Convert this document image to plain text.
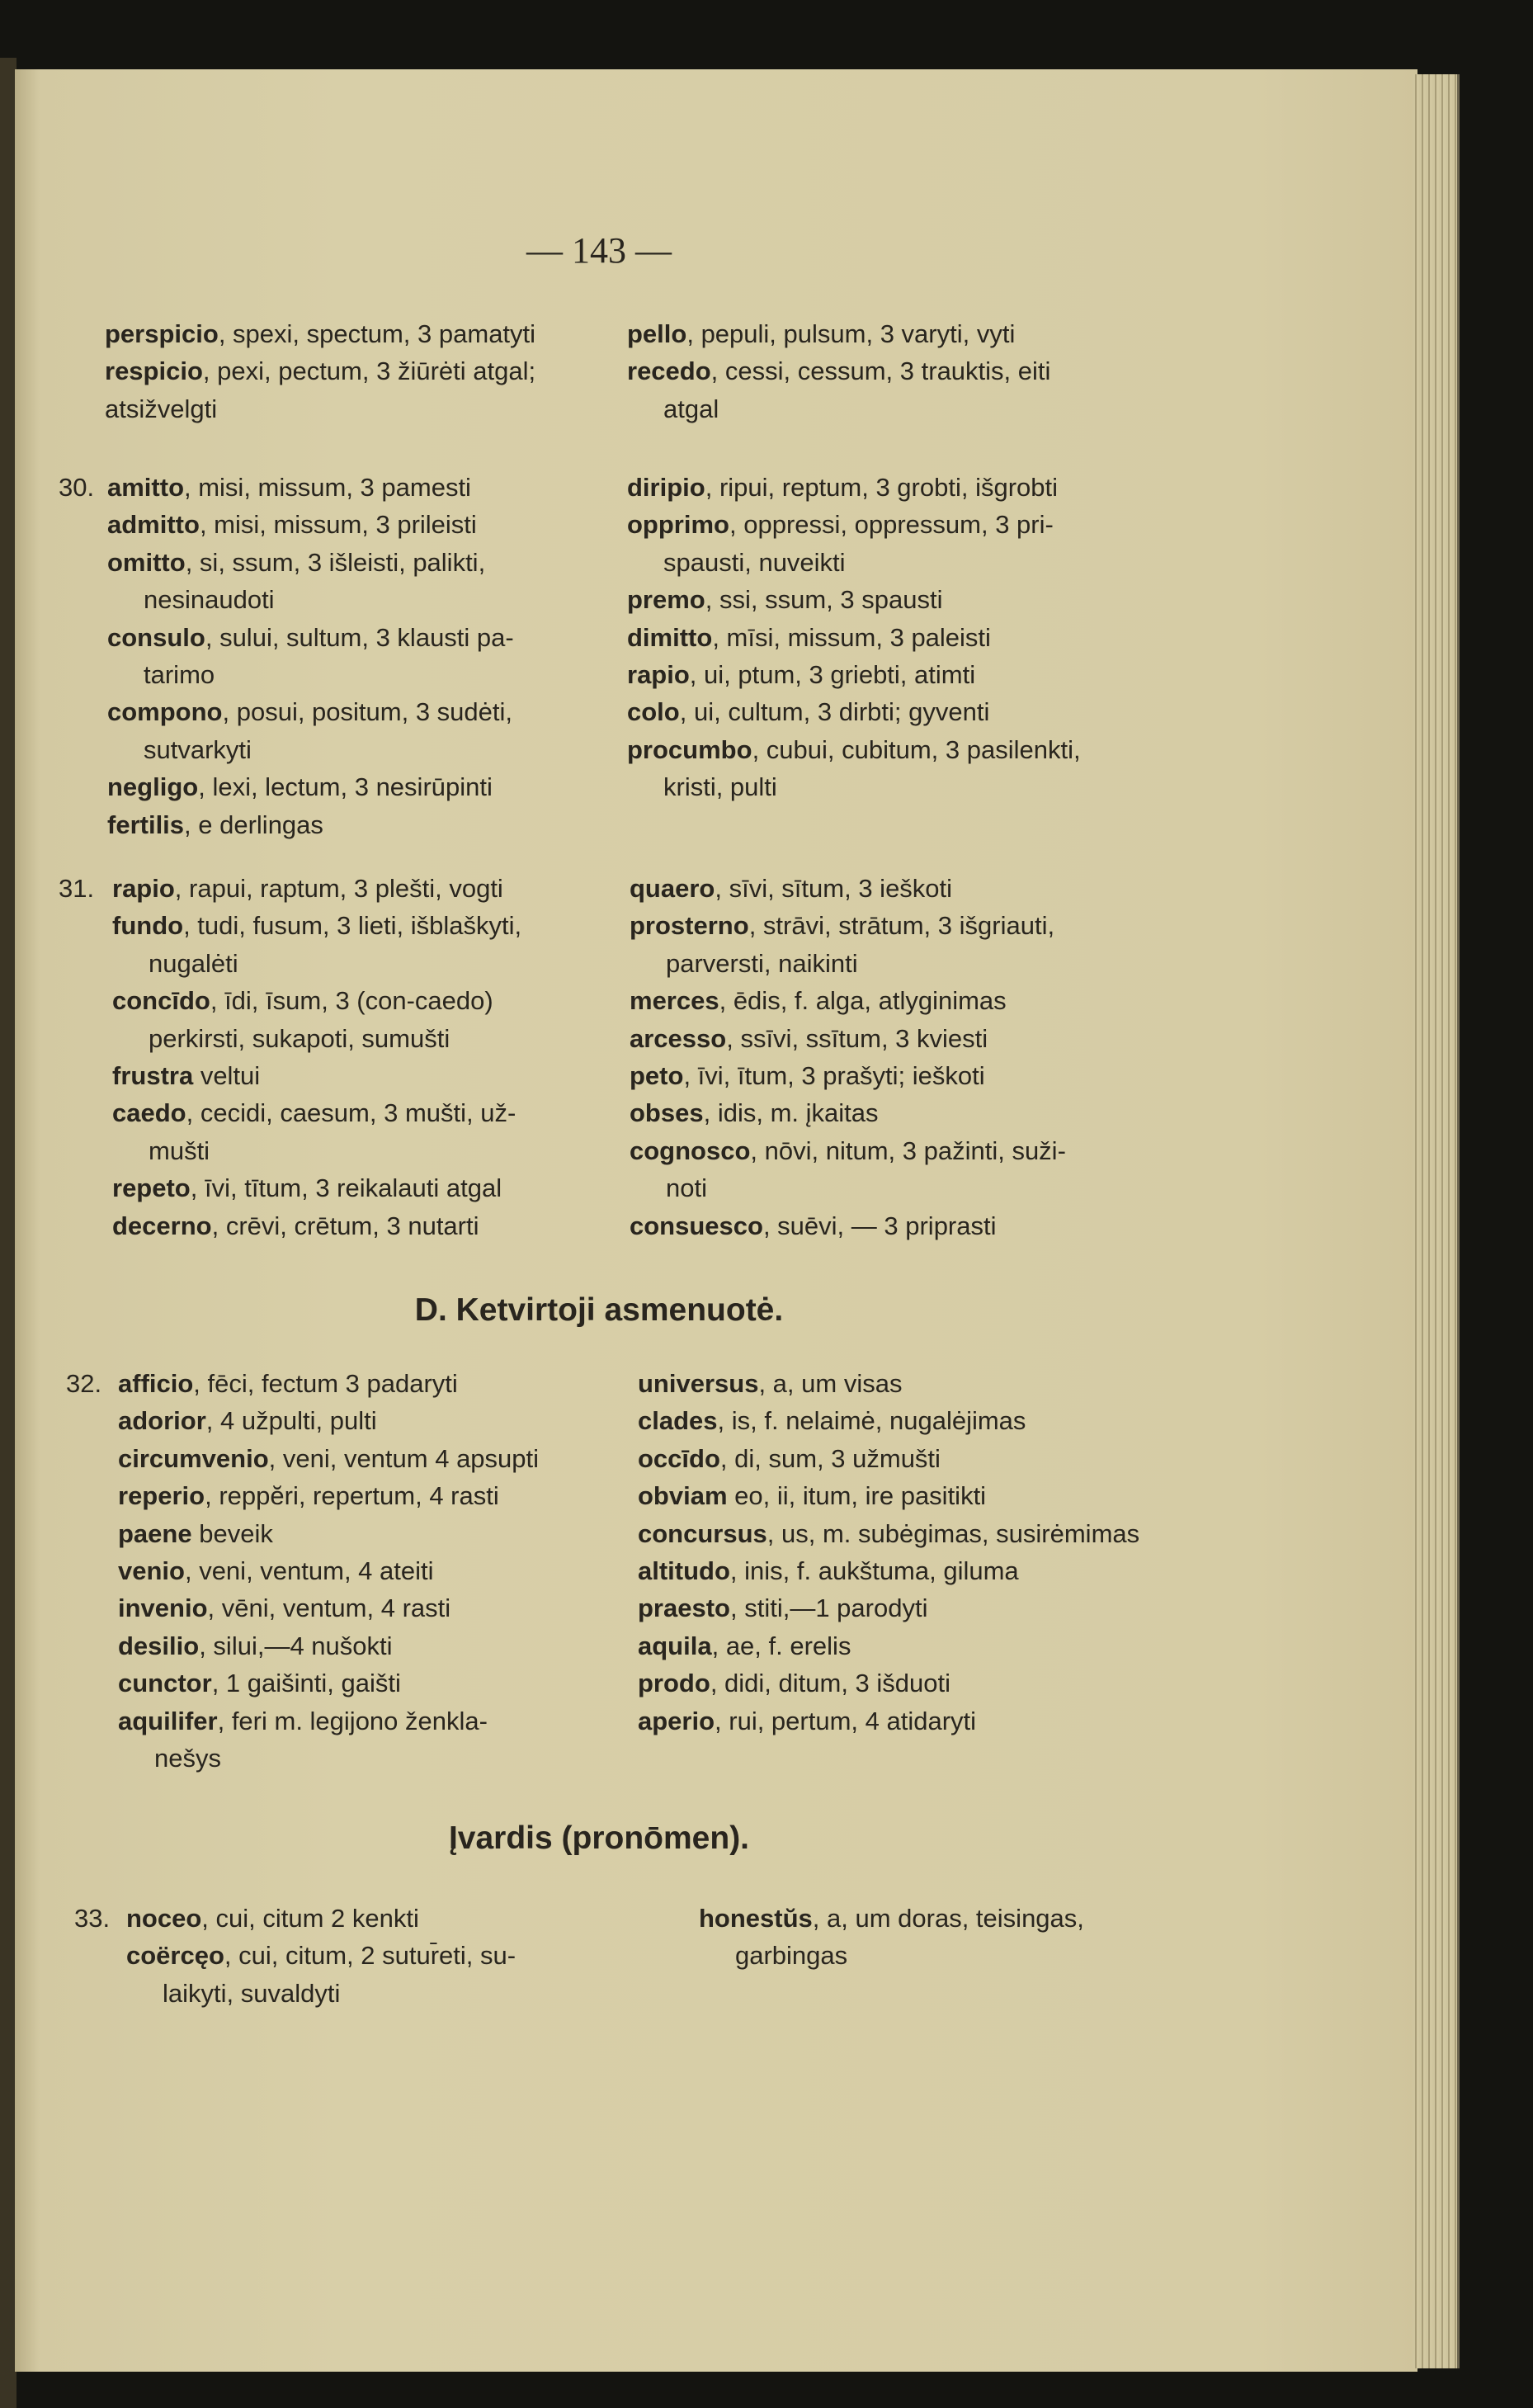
— 143 —
D. Ketvirtoji asmenuotė.
Įvardis (pronōmen).
perspicio, spexi, spectum, 3 pamatyti
respicio, pexi, pectum, 3 žiūrėti atgal;
atsižvelgti
pello, pepuli, pulsum, 3 varyti, vyti
recedo, cessi, cessum, 3 trauktis, eiti
atgal
30. amitto, misi, missum, 3 pamesti
admitto, misi, missum, 3 prileisti
omitto, si, ssum, 3 išleisti, palikti,
nesinaudoti
consulo, sului, sultum, 3 klausti pa-
tarimo
compono, posui, positum, 3 sudėti,
sutvarkyti
negligo, lexi, lectum, 3 nesirūpinti
fertilis, e derlingas
diripio, ripui, reptum, 3 grobti, išgrobti
opprimo, oppressi, oppressum, 3 pri-
spausti, nuveikti
premo, ssi, ssum, 3 spausti
dimitto, mīsi, missum, 3 paleisti
rapio, ui, ptum, 3 griebti, atimti
colo, ui, cultum, 3 dirbti; gyventi
procumbo, cubui, cubitum, 3 pasilenkti,
kristi, pulti
31. rapio, rapui, raptum, 3 plešti, vogti
fundo, tudi, fusum, 3 lieti, išblaškyti,
nugalėti
concīdo, īdi, īsum, 3 (con-caedo)
perkirsti, sukapoti, sumušti
frustra veltui
caedo, cecidi, caesum, 3 mušti, už-
mušti
repeto, īvi, tītum, 3 reikalauti atgal
decerno, crēvi, crētum, 3 nutarti
quaero, sīvi, sītum, 3 ieškoti
prosterno, strāvi, strātum, 3 išgriauti,
parversti, naikinti
merces, ēdis, f. alga, atlyginimas
arcesso, ssīvi, ssītum, 3 kviesti
peto, īvi, ītum, 3 prašyti; ieškoti
obses, idis, m. įkaitas
cognosco, nōvi, nitum, 3 pažinti, suži-
noti
consuesco, suēvi, — 3 priprasti
32. afficio, fēci, fectum 3 padaryti
adorior, 4 užpulti, pulti
circumvenio, veni, ventum 4 apsupti
reperio, reppĕri, repertum, 4 rasti
paene beveik
venio, veni, ventum, 4 ateiti
invenio, vēni, ventum, 4 rasti
desilio, silui,—4 nušokti
cunctor, 1 gaišinti, gaišti
aquilifer, feri m. legijono ženkla-
nešys
universus, a, um visas
clades, is, f. nelaimė, nugalėjimas
occīdo, di, sum, 3 užmušti
obviam eo, ii, itum, ire pasitikti
concursus, us, m. subėgimas, susirėmimas
altitudo, inis, f. aukštuma, giluma
praesto, stiti,—1 parodyti
aquila, ae, f. erelis
prodo, didi, ditum, 3 išduoti
aperio, rui, pertum, 4 atidaryti
33. noceo, cui, citum 2 kenkti
coërcęo, cui, citum, 2 sutur̄eti, su-
laikyti, suvaldyti
honestŭs, a, um doras, teisingas,
garbingas
